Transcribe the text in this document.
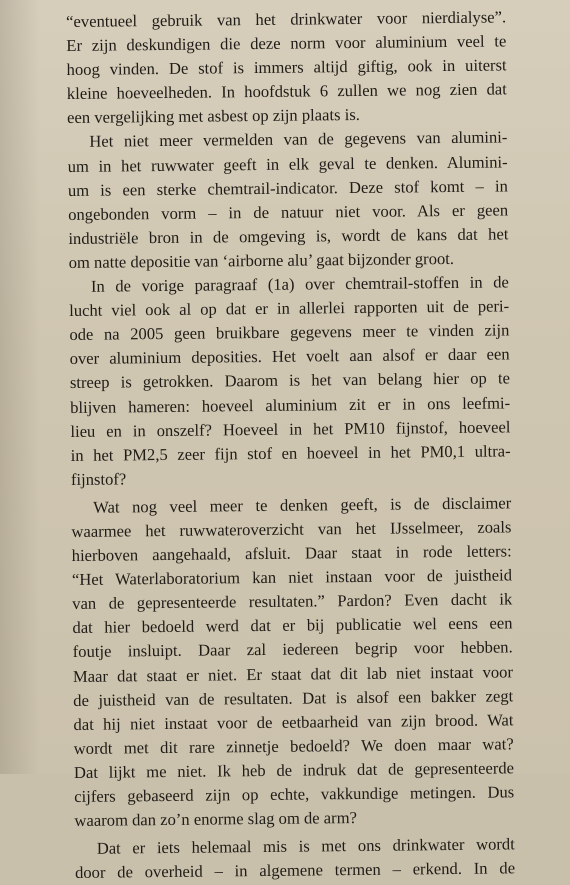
“eventueel gebruik van het drinkwater voor nierdialyse”.
Er zijn deskundigen die deze norm voor aluminium veel te
hoog vinden. De stof is immers altijd giftig, ook in uiterst
kleine hoeveelheden. In hoofdstuk 6 zullen we nog zien dat
een vergelijking met asbest op zijn plaats is.
Het niet meer vermelden van de gegevens van alumini-
um in het ruwwater geeft in elk geval te denken. Alumini-
um is een sterke chemtrail-indicator. Deze stof komt – in
ongebonden vorm – in de natuur niet voor. Als er geen
industriële bron in de omgeving is, wordt de kans dat het
om natte depositie van ‘airborne alu’ gaat bijzonder groot.
In de vorige paragraaf (1a) over chemtrail-stoffen in de
lucht viel ook al op dat er in allerlei rapporten uit de peri-
ode na 2005 geen bruikbare gegevens meer te vinden zijn
over aluminium deposities. Het voelt aan alsof er daar een
streep is getrokken. Daarom is het van belang hier op te
blijven hameren: hoeveel aluminium zit er in ons leefmi-
lieu en in onszelf? Hoeveel in het PM10 fijnstof, hoeveel
in het PM2,5 zeer fijn stof en hoeveel in het PM0,1 ultra-
fijnstof?
Wat nog veel meer te denken geeft, is de disclaimer
waarmee het ruwwateroverzicht van het IJsselmeer, zoals
hierboven aangehaald, afsluit. Daar staat in rode letters:
“Het Waterlaboratorium kan niet instaan voor de juistheid
van de gepresenteerde resultaten.” Pardon? Even dacht ik
dat hier bedoeld werd dat er bij publicatie wel eens een
foutje insluipt. Daar zal iedereen begrip voor hebben.
Maar dat staat er niet. Er staat dat dit lab niet instaat voor
de juistheid van de resultaten. Dat is alsof een bakker zegt
dat hij niet instaat voor de eetbaarheid van zijn brood. Wat
wordt met dit rare zinnetje bedoeld? We doen maar wat?
Dat lijkt me niet. Ik heb de indruk dat de gepresenteerde
cijfers gebaseerd zijn op echte, vakkundige metingen. Dus
waarom dan zo’n enorme slag om de arm?
Dat er iets helemaal mis is met ons drinkwater wordt
door de overheid – in algemene termen – erkend. In de
